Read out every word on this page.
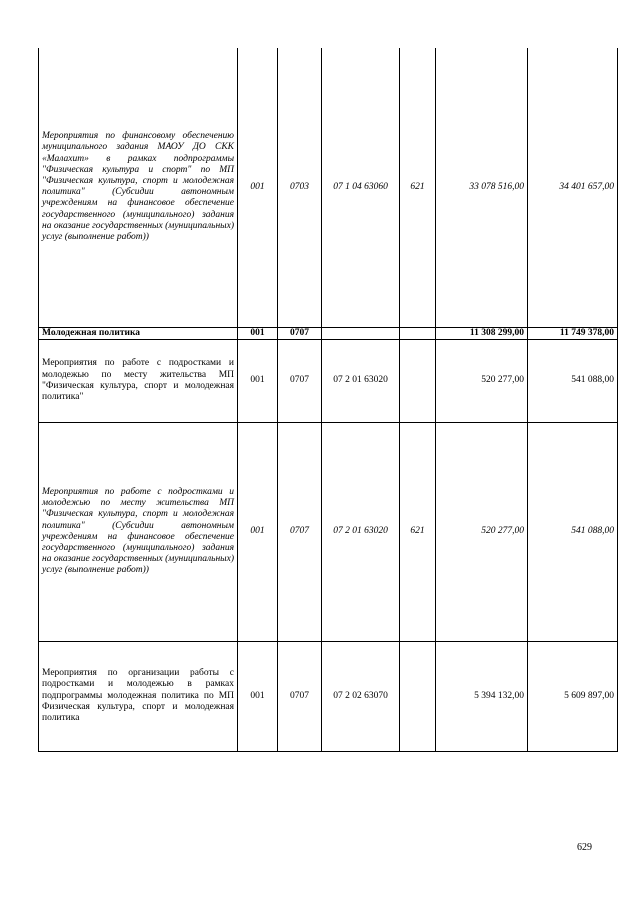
Мероприятия по финансовому обеспечению муниципального задания МАОУ ДО СКК «Малахит» в рамках подпрограммы "Физическая культура и спорт" по МП "Физическая культура, спорт и молодежная политика" (Субсидии автономным учреждениям на финансовое обеспечение государственного (муниципального) задания на оказание государственных (муниципальных) услуг (выполнение работ))	001	0703	07 1 04 63060	621	33 078 516,00	34 401 657,00
Молодежная политика	001	0707			11 308 299,00	11 749 378,00
Мероприятия по работе с подростками и молодежью по месту жительства МП "Физическая культура, спорт и молодежная политика"	001	0707	07 2 01 63020		520 277,00	541 088,00
Мероприятия по работе с подростками и молодежью по месту жительства МП "Физическая культура, спорт и молодежная политика" (Субсидии автономным учреждениям на финансовое обеспечение государственного (муниципального) задания на оказание государственных (муниципальных) услуг (выполнение работ))	001	0707	07 2 01 63020	621	520 277,00	541 088,00
Мероприятия по организации работы с подростками и молодежью в рамках подпрограммы молодежная политика по МП Физическая культура, спорт и молодежная политика	001	0707	07 2 02 63070		5 394 132,00	5 609 897,00
629
